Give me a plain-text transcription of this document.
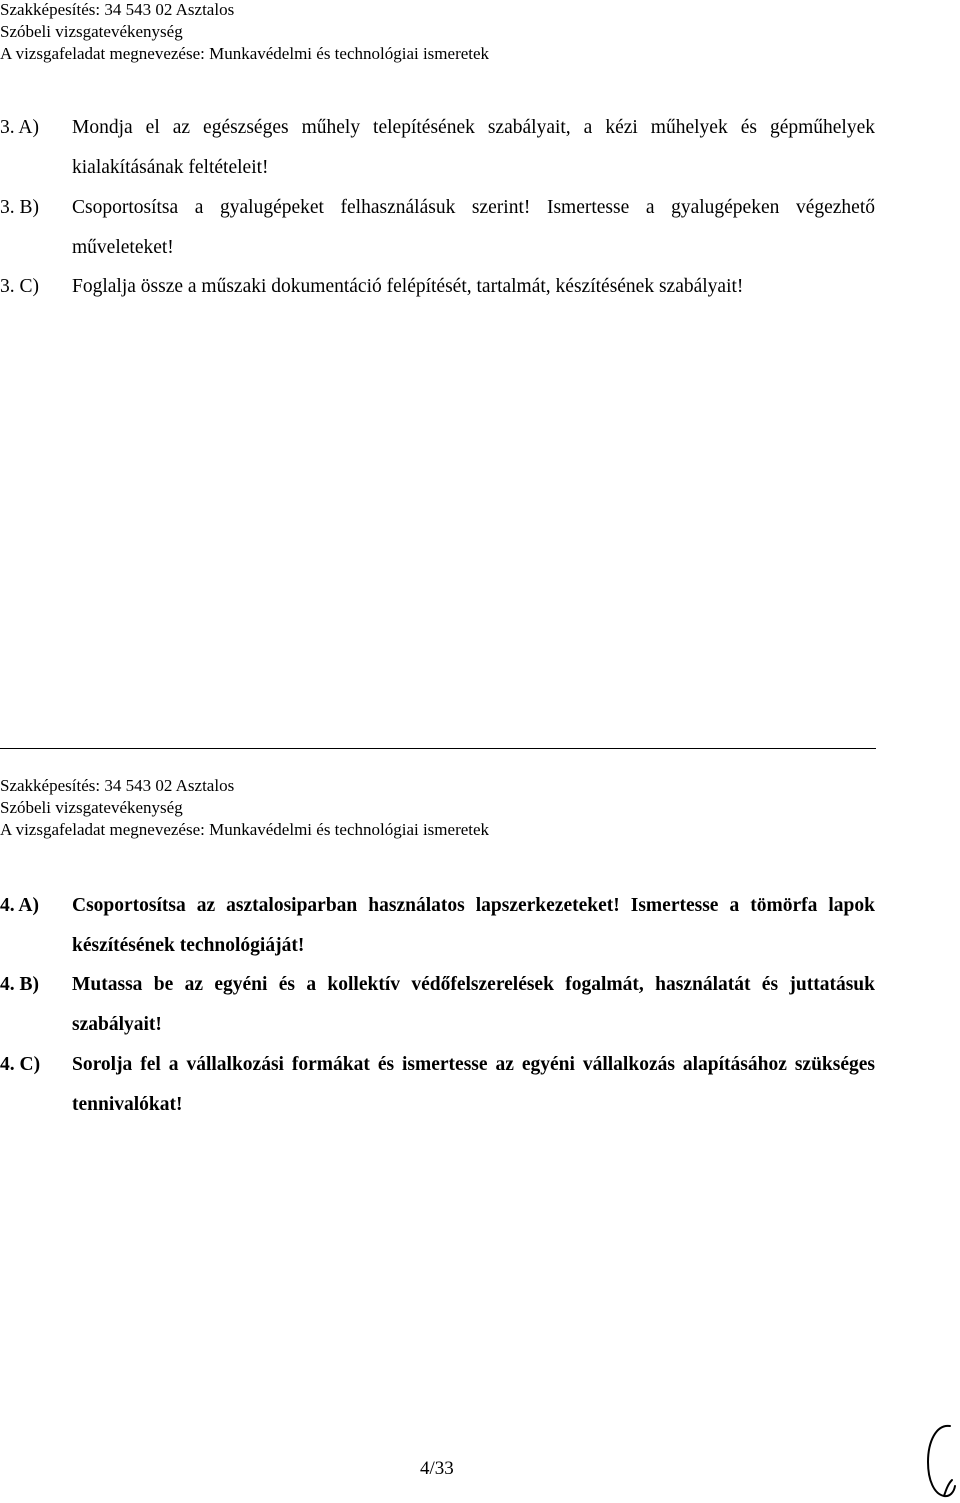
Szakképesítés: 34 543 02 Asztalos
Szóbeli vizsgatevékenység
A vizsgafeladat megnevezése: Munkavédelmi és technológiai ismeretek
3. A)	Mondja el az egészséges műhely telepítésének szabályait, a kézi műhelyek és gépműhelyek kialakításának feltételeit!
3. B)	Csoportosítsa a gyalugépeket felhasználásuk szerint! Ismertesse a gyalugépeken végezhető műveleteket!
3. C)	Foglalja össze a műszaki dokumentáció felépítését, tartalmát, készítésének szabályait!
Szakképesítés: 34 543 02 Asztalos
Szóbeli vizsgatevékenység
A vizsgafeladat megnevezése: Munkavédelmi és technológiai ismeretek
4. A)	Csoportosítsa az asztalosiparban használatos lapszerkezeteket! Ismertesse a tömörfa lapok készítésének technológiáját!
4. B)	Mutassa be az egyéni és a kollektív védőfelszerelések fogalmát, használatát és juttatásuk szabályait!
4. C)	Sorolja fel a vállalkozási formákat és ismertesse az egyéni vállalkozás alapításához szükséges tennivalókat!
4/33
